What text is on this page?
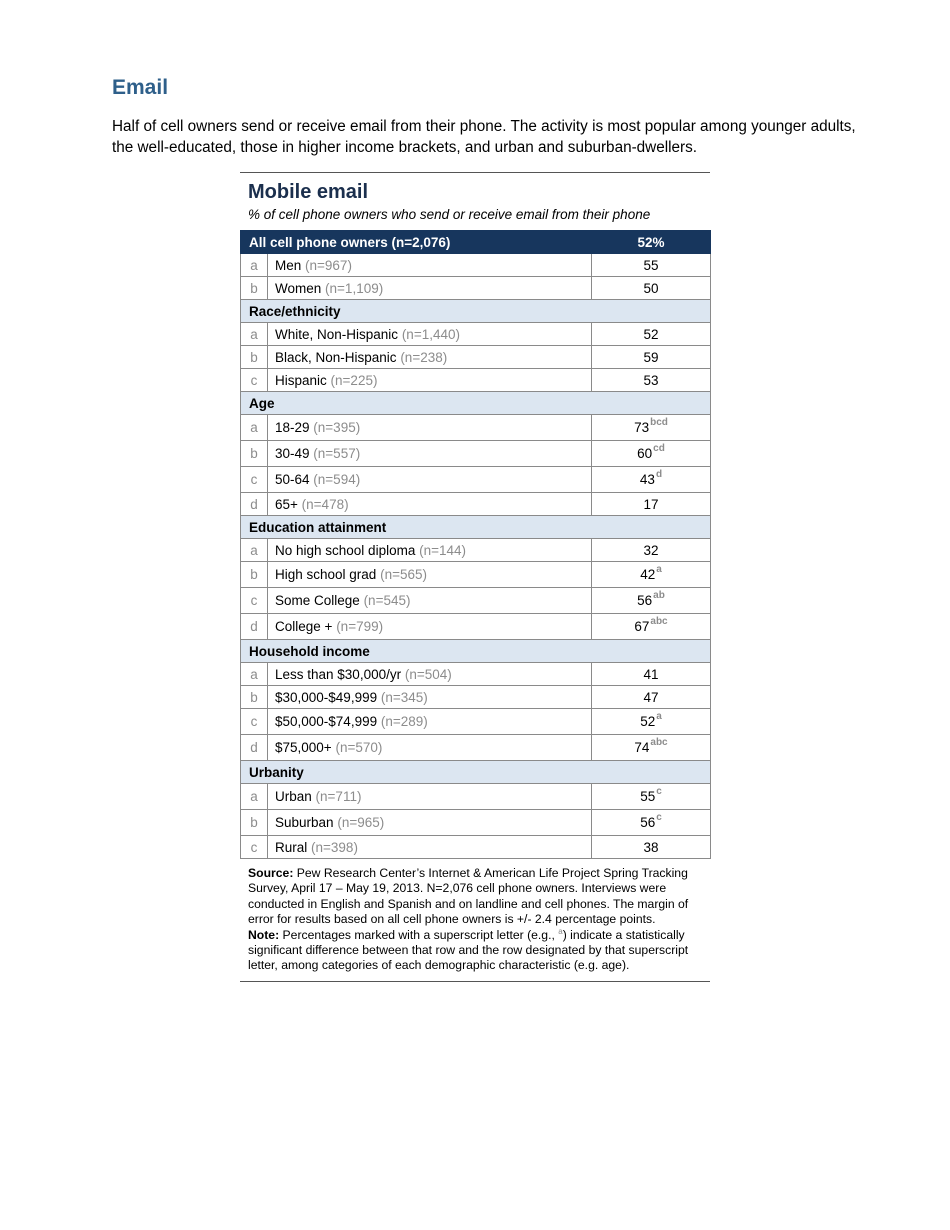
Email

Half of cell owners send or receive email from their phone. The activity is most popular among younger adults, the well-educated, those in higher income brackets, and urban and suburban-dwellers.

Mobile email
% of cell phone owners who send or receive email from their phone
All cell phone owners (n=2,076)		52%
a	Men (n=967)	55
b	Women (n=1,109)	50
Race/ethnicity		
a	White, Non-Hispanic (n=1,440)	52
b	Black, Non-Hispanic (n=238)	59
c	Hispanic (n=225)	53
Age		
a	18-29 (n=395)	$73^{bcd}$
b	30-49 (n=557)	$60^{cd}$
c	50-64 (n=594)	43$^d$
d	65+ (n=478)	17
Education attainment		
a	No high school diploma (n=144)	32
b	High school grad (n=565)	42$^a$
c	Some College (n=545)	$56^{ab}$
d	College + (n=799)	$67^{abc}$
Household income		
a	Less than $30,000/yr (n=504)	41
b	$30,000-$49,999 (n=345)	47
c	$50,000-$74,999 (n=289)	52$^a$
d	$75,000+ (n=570)	$74^{abc}$
Urbanity		
a	Urban (n=711)	55$^c$
b	Suburban (n=965)	56$^c$
c	Rural (n=398)	38
Source: Pew Research Center’s Internet & American Life Project Spring Tracking Survey, April 17 – May 19, 2013. N=2,076 cell phone owners. Interviews were conducted in English and Spanish and on landline and cell phones. The margin of error for results based on all cell phone owners is +/- 2.4 percentage points.
Note: Percentages marked with a superscript letter (e.g., $^a$) indicate a statistically significant difference between that row and the row designated by that superscript letter, among categories of each demographic characteristic (e.g. age).
